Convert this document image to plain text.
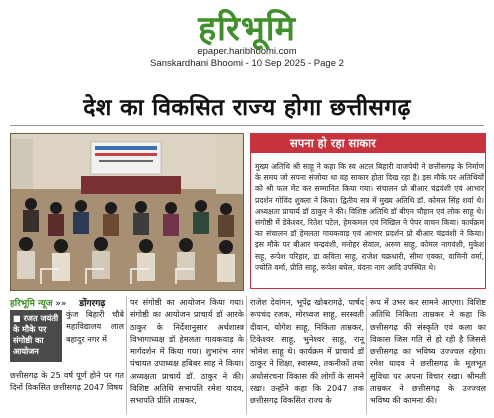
हरिभूमि
epaper.haribhoomi.com
Sanskardhani Bhoomi - 10 Sep 2025 - Page 2
देश का विकसित राज्य होगा छत्तीसगढ़
सपना हो रहा साकार
मुख्य अतिथि श्री साहू ने कहा कि स्व अटल बिहारी वाजपेयी ने छत्तीसगढ़ के निर्माण के समय जो सपना संजोया था वह साकार होता दिख रहा है। इस मौके पर अतिथियों को श्री फल मेंट कर सम्मानित किया गया। संचालन प्रो बीआर चंद्रवंशी एवं आभार प्रदर्शन गोविंद शुक्ला ने किया। द्वितीय सत्र में मुख्य अतिथि डॉ. कोमल सिंह शर्वा थे। अध्यक्षता प्राचार्य डॉ ठाकुर ने की। विशिष्ट अतिथि डॉ बीएन चौहान एवं लोक साहू थे। संगोष्ठी में डेकेश्वर, रितेश पटेल, हेमकमल एवं निखिल ने पेपर वाचन किया। कार्यक्रम का संचालन डॉ हेमलता गायकवाड़ एवं आभार प्रदर्शन प्रो बीआर चंद्रवंशी ने किया। इस मौके पर बीआर चन्द्रवंशी, मनोहर सेवाल, अरुण साहू, कोमल नागवंशी, मुकेश सहू, रूपेश परिहार, डा कविता साहू, राजेश चक्रधारी, सीमा एक्का, वामिनी वर्मा, ज्योति वर्मा, प्रीति साहू, रूपेश बघेल, वंदना नाग आदि उपस्थित थे।
हरिभूमि न्यूज »» डोंगरगढ़
■ रजत जयंती
के मौके पर
संगोष्ठी का
आयोजन
कुंज बिहारी चौबे महाविद्यालय लाल बहादुर नगर में
छत्तीसगढ़ के 25 वर्ष पूर्ण होने पर गत दिनों विकसित छत्तीसगढ़ 2047 विषय
पर संगोष्ठी का आयोजन किया गया। संगोष्ठी का आयोजन प्राचार्य डॉ आरके ठाकुर के निर्देशानुसार अर्थशास्त्र विभागाध्यक्ष डॉ हेमलता गायकवाड़ के मार्गदर्शन में किया गया। शुभारंभ नगर पंचायत उपाध्यक्ष हबिबर साह ने किया। अध्यक्षता प्राचार्य डॉ. ठाकुर ने की। विशिष्ट अतिथि सभापति रमेश यादव, सभापति प्रीति ताम्रकर,
राजेश देवांगन, भूपेंद्र खोबरागढ़े, पार्षद रूपचंद रजक, मोरध्वज साहू, सरस्वती दीवान, योगेश साहू, निकिता ताम्रकर, टिकेश्वर साहू, भुनेश्वर साहू, रानू भोमेश साहू थे। कार्यक्रम में प्राचार्य डॉ ठाकुर ने शिक्षा, स्वास्थ्य, तकनीकों तथा अधोसंरचना विकास की लोगों के सामने रखा। उन्होंने कहा कि 2047 तक छत्तीसगढ़ विकसित राज्य के
रूप में उभर कर सामने आएगा। विशिष्ट अतिथि निकिता ताम्रकर ने कहा कि छत्तीसगढ़ की संस्कृति एवं कला का विकास जिस गति से हो रही है जिससे छत्तीसगढ़ का भविष्य उज्ज्वल रहेगा। रमेश यादव ने छत्तीसगढ़ के मूलभूत सुविधा पर अपना विचार रखा। श्रीमती ताम्रकर ने छत्तीसगढ़ के उज्ज्वल भविष्य की कामना की।
